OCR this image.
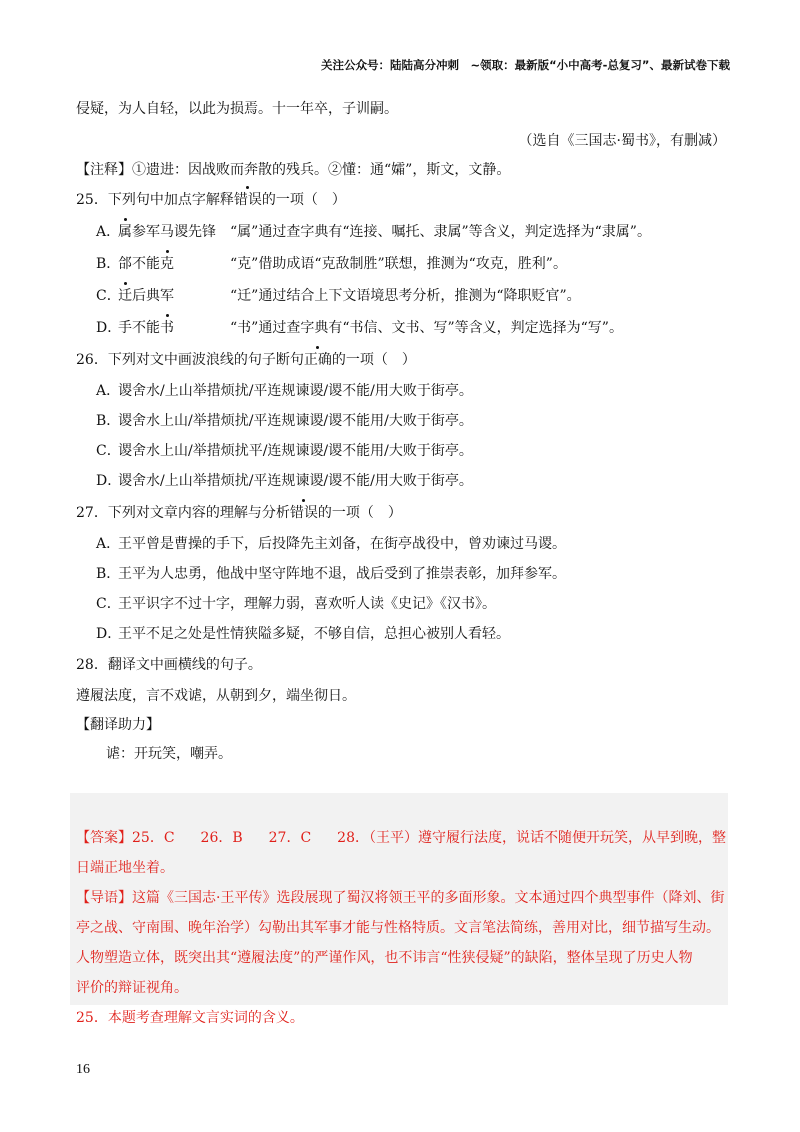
关注公众号：陆陆高分冲刺　~领取：最新版“小中高考-总复习”、最新试卷下载
侵疑，为人自轻，以此为损焉。十一年卒，子训嗣。
（选自《三国志·蜀书》，有删减）
【注释】①遗进：因战败而奔散的残兵。②懂：通“孀”，斯文，文静。
25．下列句中加点字解释错误的一项（　）
A．属参军马谡先锋 “属”通过查字典有“连接、嘱托、隶属”等含义，判定选择为“隶属”。
B．郃不能克	“克”借助成语“克敌制胜”联想，推测为“攻克，胜利”。
C．迁后典军	“迁”通过结合上下文语境思考分析，推测为“降职贬官”。
D．手不能书	“书”通过查字典有“书信、文书、写”等含义，判定选择为“写”。
26．下列对文中画波浪线的句子断句正确的一项（　）
A．谡舍水/上山举措烦扰/平连规谏谡/谡不能/用大败于街亭。
B．谡舍水上山/举措烦扰/平连规谏谡/谡不能用/大败于街亭。
C．谡舍水上山/举措烦扰平/连规谏谡/谡不能用/大败于街亭。
D．谡舍水/上山举措烦扰/平连规谏谡/谡不能/用大败于街亭。
27．下列对文章内容的理解与分析错误的一项（　）
A．王平曾是曹操的手下，后投降先主刘备，在街亭战役中，曾劝谏过马谡。
B．王平为人忠勇，他战中坚守阵地不退，战后受到了推崇表彰，加拜参军。
C．王平识字不过十字，理解力弱，喜欢听人读《史记》《汉书》。
D．王平不足之处是性情狭隘多疑，不够自信，总担心被别人看轻。
28．翻译文中画横线的句子。
遵履法度，言不戏谑，从朝到夕，端坐彻日。
【翻译助力】
谑：开玩笑，嘲弄。
【答案】25．C 26．B 27．C 28．（王平）遵守履行法度，说话不随便开玩笑，从早到晚，整
日端正地坐着。
【导语】这篇《三国志·王平传》选段展现了蜀汉将领王平的多面形象。文本通过四个典型事件（降刘、街
亭之战、守南围、晚年治学）勾勒出其军事才能与性格特质。文言笔法简练，善用对比，细节描写生动。
人物塑造立体，既突出其“遵履法度”的严谨作风，也不讳言“性狭侵疑”的缺陷，整体呈现了历史人物
评价的辩证视角。
25．本题考查理解文言实词的含义。
16
